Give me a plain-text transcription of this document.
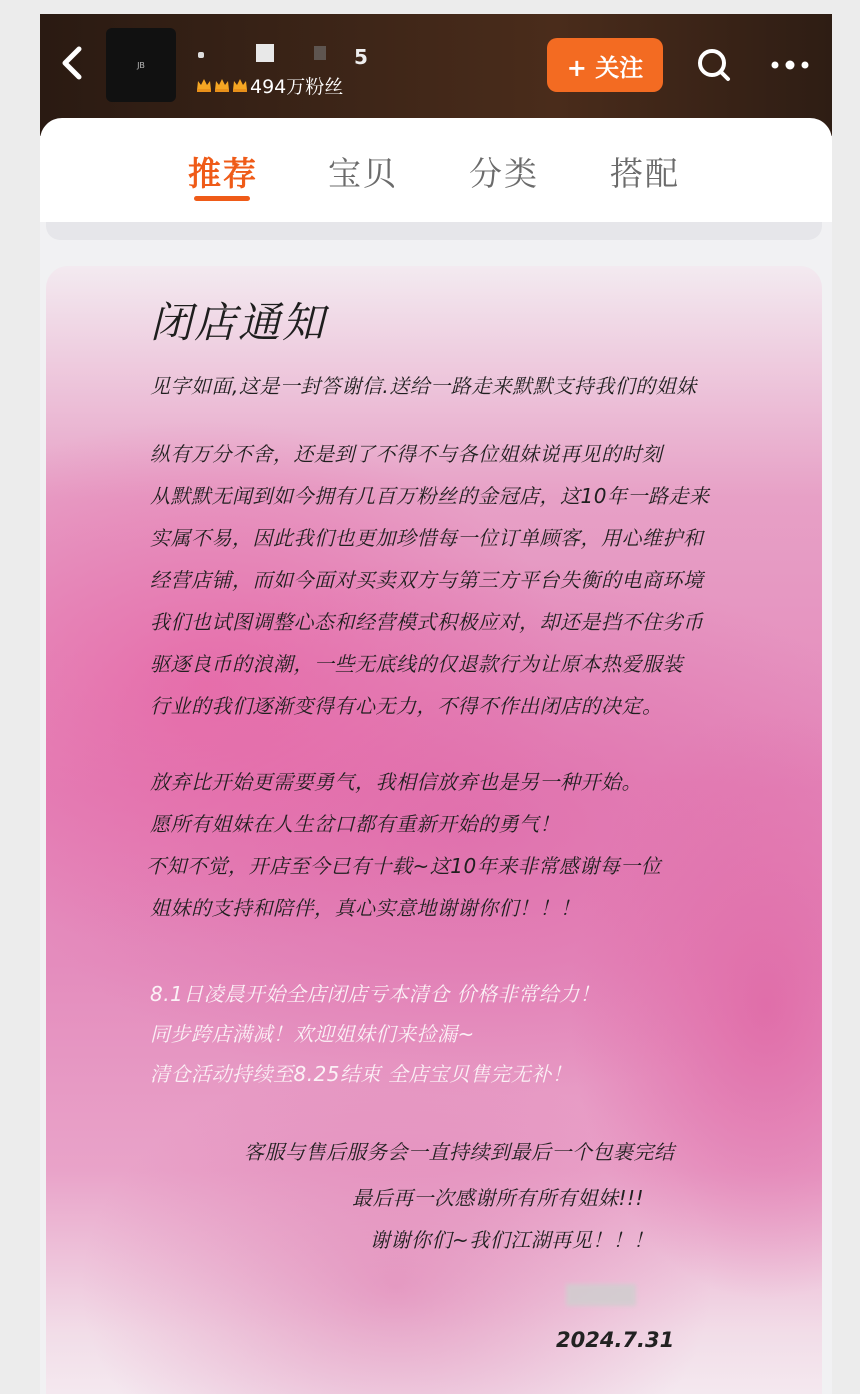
JB	5
494万粉丝
+ 关注
推荐 宝贝 分类 搭配
闭店通知
见字如面,这是一封答谢信.送给一路走来默默支持我们的姐妹
纵有万分不舍，还是到了不得不与各位姐妹说再见的时刻
从默默无闻到如今拥有几百万粉丝的金冠店，这10年一路走来
实属不易，因此我们也更加珍惜每一位订单顾客，用心维护和
经营店铺，而如今面对买卖双方与第三方平台失衡的电商环境
我们也试图调整心态和经营模式积极应对，却还是挡不住劣币
驱逐良币的浪潮，一些无底线的仅退款行为让原本热爱服装
行业的我们逐渐变得有心无力，不得不作出闭店的决定。
放弃比开始更需要勇气，我相信放弃也是另一种开始。
愿所有姐妹在人生岔口都有重新开始的勇气！
不知不觉，开店至今已有十载~这10年来非常感谢每一位
姐妹的支持和陪伴，真心实意地谢谢你们！！！
8.1日凌晨开始全店闭店亏本清仓 价格非常给力！
同步跨店满减！欢迎姐妹们来捡漏~
清仓活动持续至8.25结束 全店宝贝售完无补！
客服与售后服务会一直持续到最后一个包裹完结
最后再一次感谢所有所有姐妹!!!
谢谢你们~我们江湖再见！！！
2024.7.31
